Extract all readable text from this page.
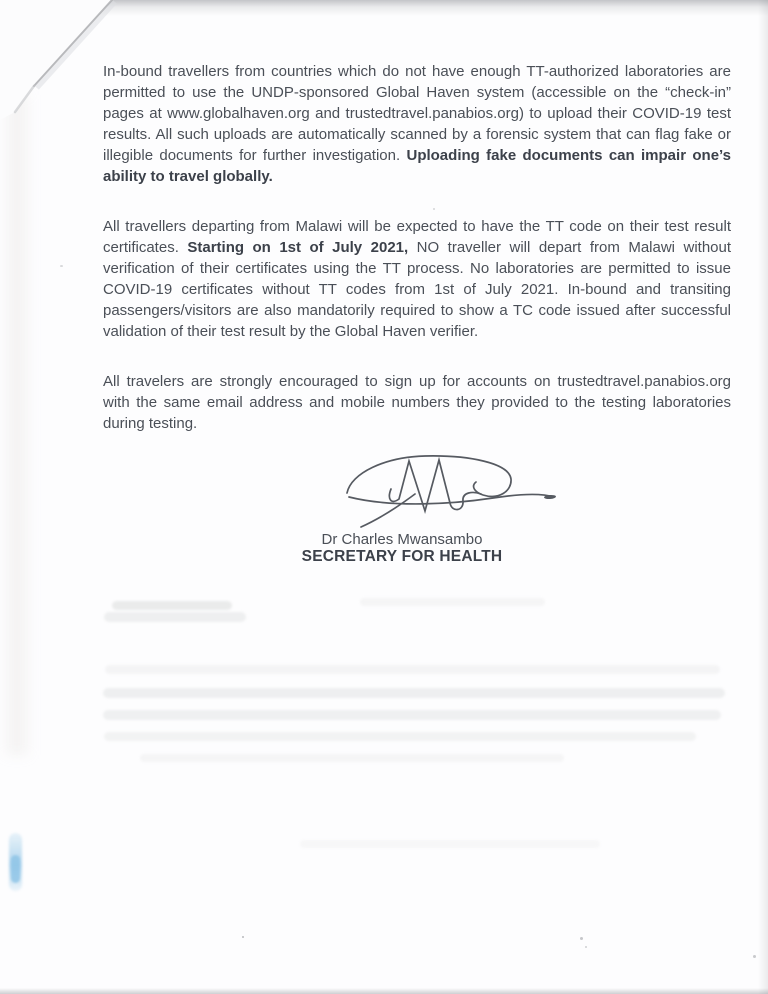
In-bound travellers from countries which do not have enough TT-authorized laboratories are permitted to use the UNDP-sponsored Global Haven system (accessible on the “check-in” pages at www.globalhaven.org and trustedtravel.panabios.org) to upload their COVID-19 test results. All such uploads are automatically scanned by a forensic system that can flag fake or illegible documents for further investigation. Uploading fake documents can impair one’s ability to travel globally.

All travellers departing from Malawi will be expected to have the TT code on their test result certificates. Starting on 1st of July 2021, NO traveller will depart from Malawi without verification of their certificates using the TT process. No laboratories are permitted to issue COVID-19 certificates without TT codes from 1st of July 2021. In-bound and transiting passengers/visitors are also mandatorily required to show a TC code issued after successful validation of their test result by the Global Haven verifier.

All travelers are strongly encouraged to sign up for accounts on trustedtravel.panabios.org with the same email address and mobile numbers they provided to the testing laboratories during testing.

Dr Charles Mwansambo
SECRETARY FOR HEALTH
